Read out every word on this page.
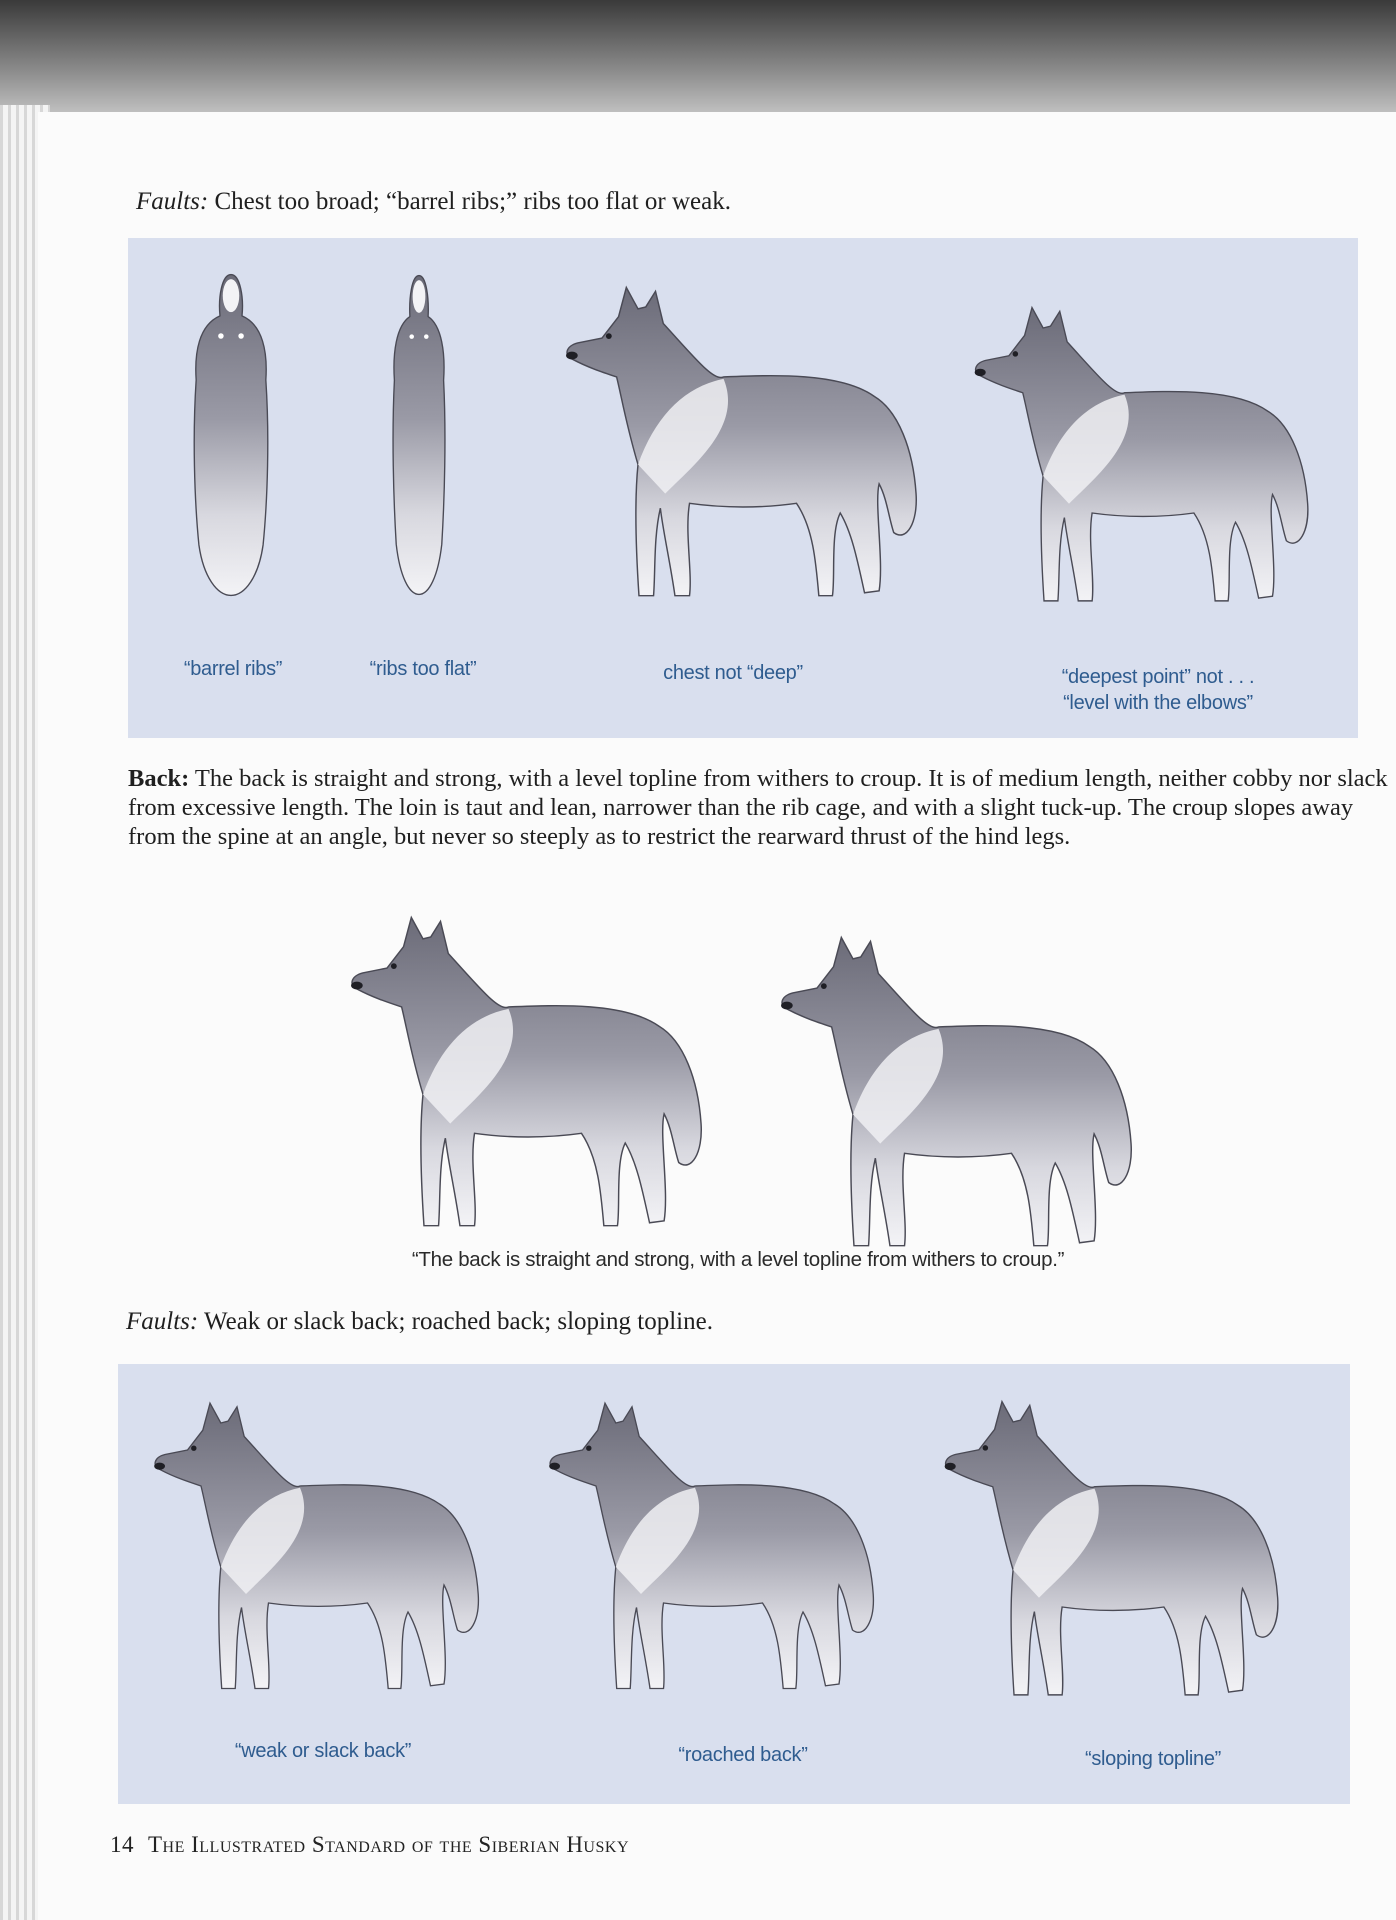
Faults: Chest too broad; “barrel ribs;” ribs too flat or weak.
“barrel ribs”	“ribs too flat”	chest not “deep”	“deepest point” not . . .
“level with the elbows”
Back: The back is straight and strong, with a level topline from withers to croup. It is of medium length, neither cobby nor slack from excessive length. The loin is taut and lean, narrower than the rib cage, and with a slight tuck-up. The croup slopes away from the spine at an angle, but never so steeply as to restrict the rearward thrust of the hind legs.
“The back is straight and strong, with a level topline from withers to croup.”
Faults: Weak or slack back; roached back; sloping topline.
“weak or slack back”	“roached back”	“sloping topline”
14 The Illustrated Standard of the Siberian Husky
